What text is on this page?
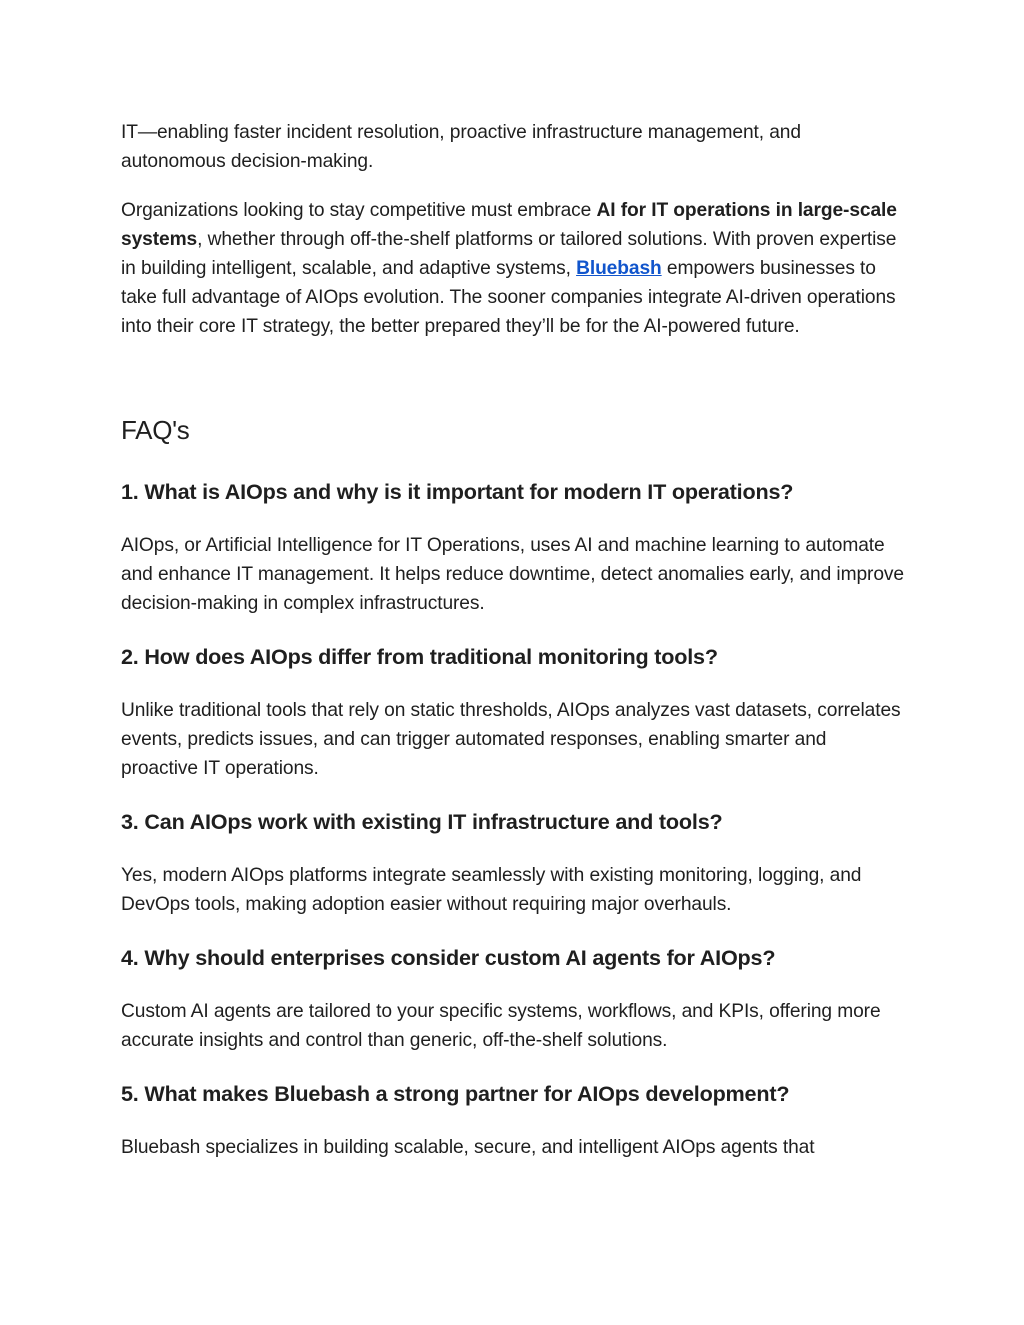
IT—enabling faster incident resolution, proactive infrastructure management, and autonomous decision-making.

Organizations looking to stay competitive must embrace AI for IT operations in large-scale systems, whether through off-the-shelf platforms or tailored solutions. With proven expertise in building intelligent, scalable, and adaptive systems, Bluebash empowers businesses to take full advantage of AIOps evolution. The sooner companies integrate AI-driven operations into their core IT strategy, the better prepared they’ll be for the AI-powered future.

FAQ's
1. What is AIOps and why is it important for modern IT operations?

AIOps, or Artificial Intelligence for IT Operations, uses AI and machine learning to automate and enhance IT management. It helps reduce downtime, detect anomalies early, and improve decision-making in complex infrastructures.

2. How does AIOps differ from traditional monitoring tools?

Unlike traditional tools that rely on static thresholds, AIOps analyzes vast datasets, correlates events, predicts issues, and can trigger automated responses, enabling smarter and proactive IT operations.

3. Can AIOps work with existing IT infrastructure and tools?

Yes, modern AIOps platforms integrate seamlessly with existing monitoring, logging, and DevOps tools, making adoption easier without requiring major overhauls.

4. Why should enterprises consider custom AI agents for AIOps?

Custom AI agents are tailored to your specific systems, workflows, and KPIs, offering more accurate insights and control than generic, off-the-shelf solutions.

5. What makes Bluebash a strong partner for AIOps development?

Bluebash specializes in building scalable, secure, and intelligent AIOps agents that
